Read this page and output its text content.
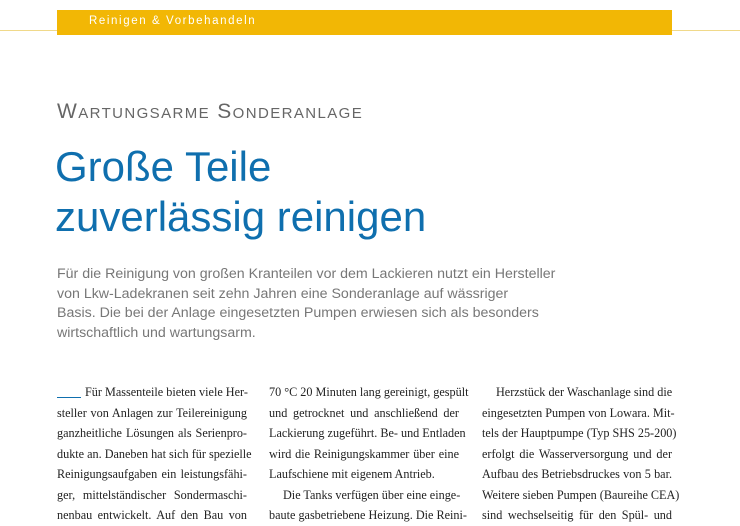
Reinigen & Vorbehandeln
Wartungsarme Sonderanlage
Große Teile
zuverlässig reinigen
Für die Reinigung von großen Kranteilen vor dem Lackieren nutzt ein Hersteller
von Lkw-Ladekranen seit zehn Jahren eine Sonderanlage auf wässriger
Basis. Die bei der Anlage eingesetzten Pumpen erwiesen sich als besonders
wirtschaftlich und wartungsarm.
Für Massenteile bieten viele Her-
steller von Anlagen zur Teilereinigung
ganzheitliche Lösungen als Serienpro-
dukte an. Daneben hat sich für spezielle
Reinigungsaufgaben ein leistungsfähi-
ger, mittelständischer Sondermaschi-
nenbau entwickelt. Auf den Bau von
70 °C 20 Minuten lang gereinigt, gespült
und getrocknet und anschließend der
Lackierung zugeführt. Be- und Entladen
wird die Reinigungskammer über eine
Laufschiene mit eigenem Antrieb.
Die Tanks verfügen über eine einge-
baute gasbetriebene Heizung. Die Reini-
Herzstück der Waschanlage sind die
eingesetzten Pumpen von Lowara. Mit-
tels der Hauptpumpe (Typ SHS 25-200)
erfolgt die Wasserversorgung und der
Aufbau des Betriebsdruckes von 5 bar.
Weitere sieben Pumpen (Baureihe CEA)
sind wechselseitig für den Spül- und
